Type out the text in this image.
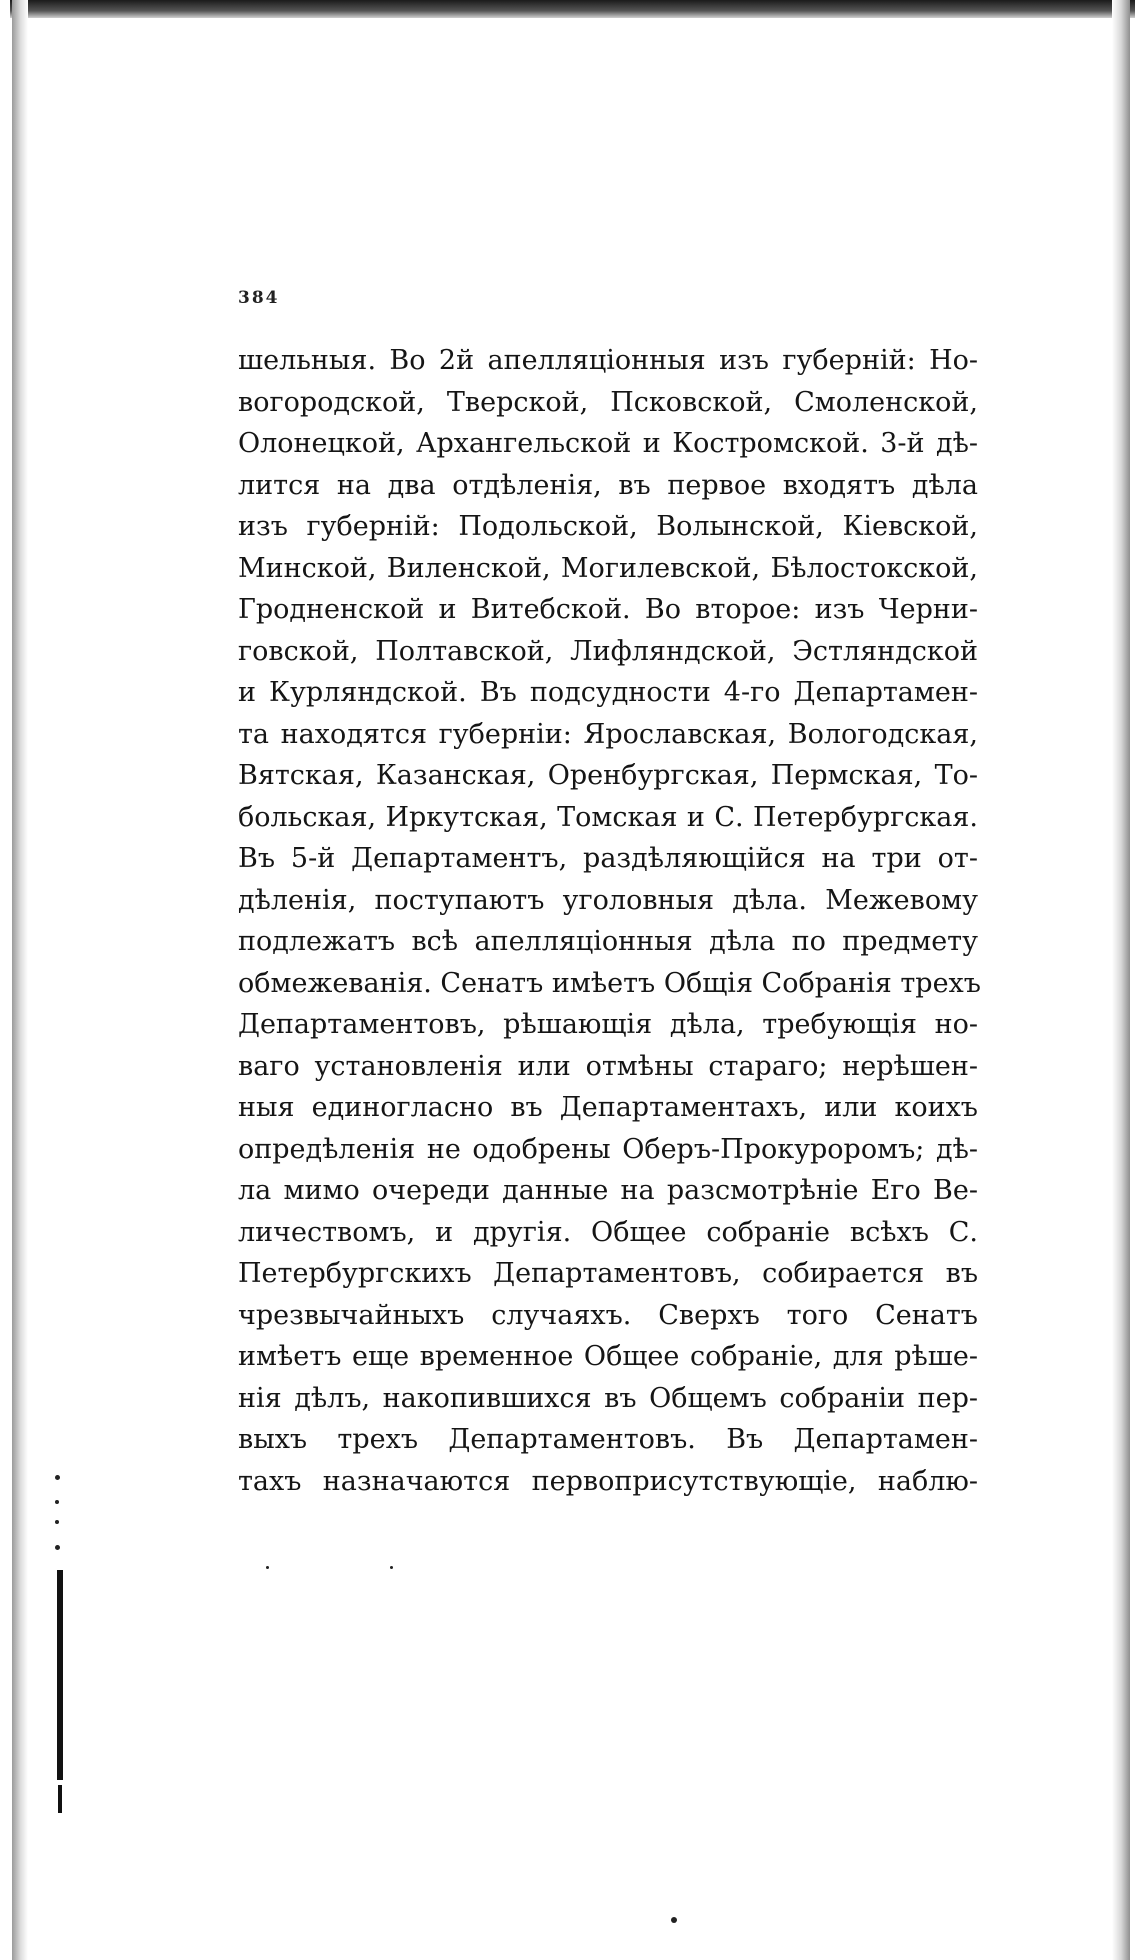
384
шельныя. Во 2й апелляціонныя изъ губерній: Но-
вогородской, Тверской, Псковской, Смоленской,
Олонецкой, Архангельской и Костромской. 3-й дѣ-
лится на два отдѣленія, въ первое входятъ дѣла
изъ губерній: Подольской, Волынской, Кіевской,
Минской, Виленской, Могилевской, Бѣлостокской,
Гродненской и Витебской. Во второе: изъ Черни-
говской, Полтавской, Лифляндской, Эстляндской
и Курляндской. Въ подсудности 4-го Департамен-
та находятся губерніи: Ярославская, Вологодская,
Вятская, Казанская, Оренбургская, Пермская, То-
больская, Иркутская, Томская и С. Петербургская.
Въ 5-й Департаментъ, раздѣляющійся на три от-
дѣленія, поступаютъ уголовныя дѣла. Межевому
подлежатъ всѣ апелляціонныя дѣла по предмету
обмежеванія. Сенатъ имѣетъ Общія Собранія трехъ
Департаментовъ, рѣшающія дѣла, требующія но-
ваго установленія или отмѣны стараго; нерѣшен-
ныя единогласно въ Департаментахъ, или коихъ
опредѣленія не одобрены Оберъ-Прокуроромъ; дѣ-
ла мимо очереди данные на разсмотрѣніе Его Ве-
личествомъ, и другія. Общее собраніе всѣхъ С.
Петербургскихъ Департаментовъ, собирается въ
чрезвычайныхъ случаяхъ. Сверхъ того Сенатъ
имѣетъ еще временное Общее собраніе, для рѣше-
нія дѣлъ, накопившихся въ Общемъ собраніи пер-
выхъ трехъ Департаментовъ. Въ Департамен-
тахъ назначаются первоприсутствующіе, наблю-
